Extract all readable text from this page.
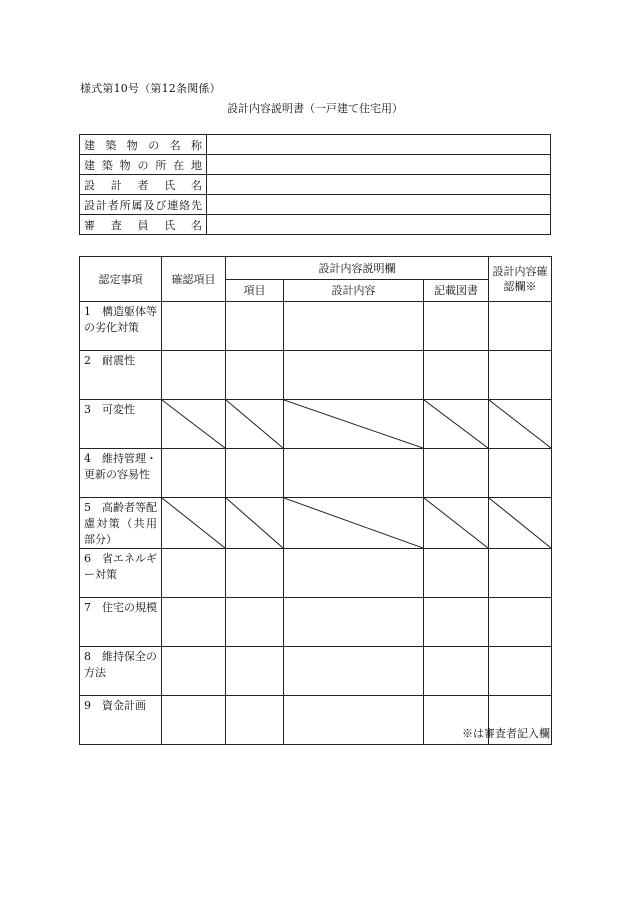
様式第10号（第12条関係）
設計内容説明書（一戸建て住宅用）
建 築 物 の 名 称	

建 築 物 の 所 在 地	

設 計 者 氏 名	

設計者所属及び連絡先	

審 査 員 氏 名	

認定事項	確認項目	設計内容説明欄			設計内容確認欄※
		項目	設計内容	記載図書	
1　構造躯体等の劣化対策					
2　耐震性					
3　可変性	

4　維持管理・更新の容易性					
5　高齢者等配慮対策（共用部分）	

6　省エネルギー対策					
7　住宅の規模					
8　維持保全の方法					
9　資金計画					
※は審査者記入欄
